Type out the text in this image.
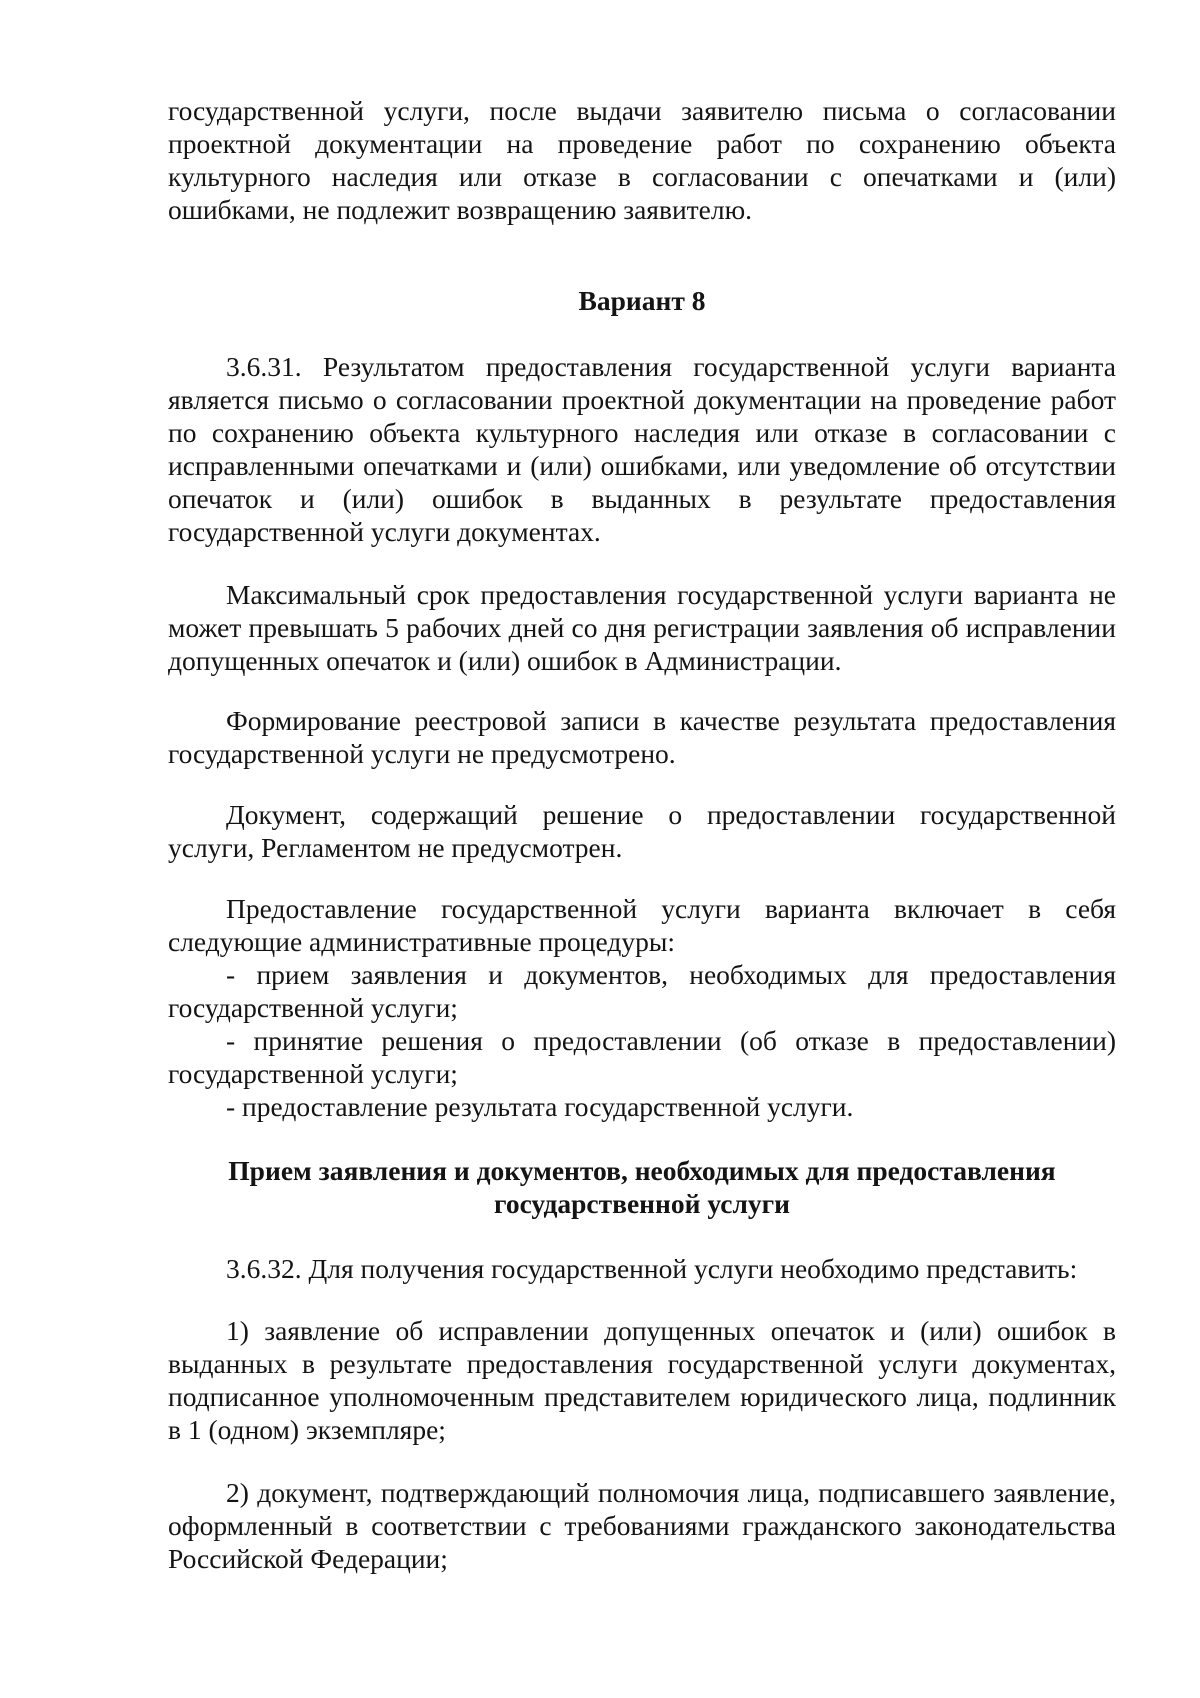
государственной услуги, после выдачи заявителю письма о согласовании проектной документации на проведение работ по сохранению объекта культурного наследия или отказе в согласовании с опечатками и (или) ошибками, не подлежит возвращению заявителю.

Вариант 8

3.6.31. Результатом предоставления государственной услуги варианта является письмо о согласовании проектной документации на проведение работ по сохранению объекта культурного наследия или отказе в согласовании с исправленными опечатками и (или) ошибками, или уведомление об отсутствии опечаток и (или) ошибок в выданных в результате предоставления государственной услуги документах.

Максимальный срок предоставления государственной услуги варианта не может превышать 5 рабочих дней со дня регистрации заявления об исправлении допущенных опечаток и (или) ошибок в Администрации.

Формирование реестровой записи в качестве результата предоставления государственной услуги не предусмотрено.

Документ, содержащий решение о предоставлении государственной услуги, Регламентом не предусмотрен.

Предоставление государственной услуги варианта включает в себя следующие административные процедуры:

- прием заявления и документов, необходимых для предоставления государственной услуги;

- принятие решения о предоставлении (об отказе в предоставлении) государственной услуги;

- предоставление результата государственной услуги.

Прием заявления и документов, необходимых для предоставления

государственной услуги

3.6.32. Для получения государственной услуги необходимо представить:

1) заявление об исправлении допущенных опечаток и (или) ошибок в выданных в результате предоставления государственной услуги документах, подписанное уполномоченным представителем юридического лица, подлинник в 1 (одном) экземпляре;

2) документ, подтверждающий полномочия лица, подписавшего заявление, оформленный в соответствии с требованиями гражданского законодательства Российской Федерации;
